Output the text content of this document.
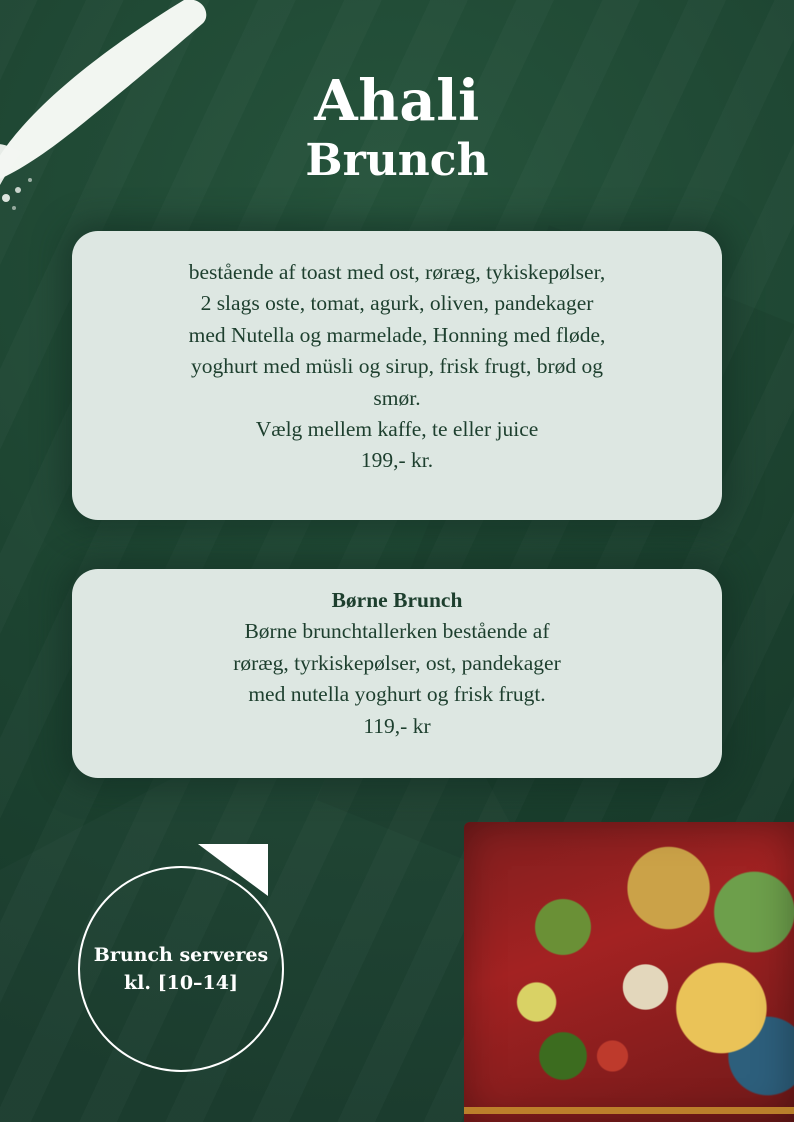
Ahali
Brunch

bestående af toast med ost, røræg, tykiskepølser,

2 slags oste, tomat, agurk, oliven, pandekager

med Nutella og marmelade, Honning med fløde,

yoghurt med müsli og sirup, frisk frugt, brød og

smør.

Vælg mellem kaffe, te eller juice

199,- kr.

Børne Brunch

Børne brunchtallerken bestående af

røræg, tyrkiskepølser, ost, pandekager

med nutella yoghurt og frisk frugt.

119,- kr

Brunch serveres
kl. [10–14]
